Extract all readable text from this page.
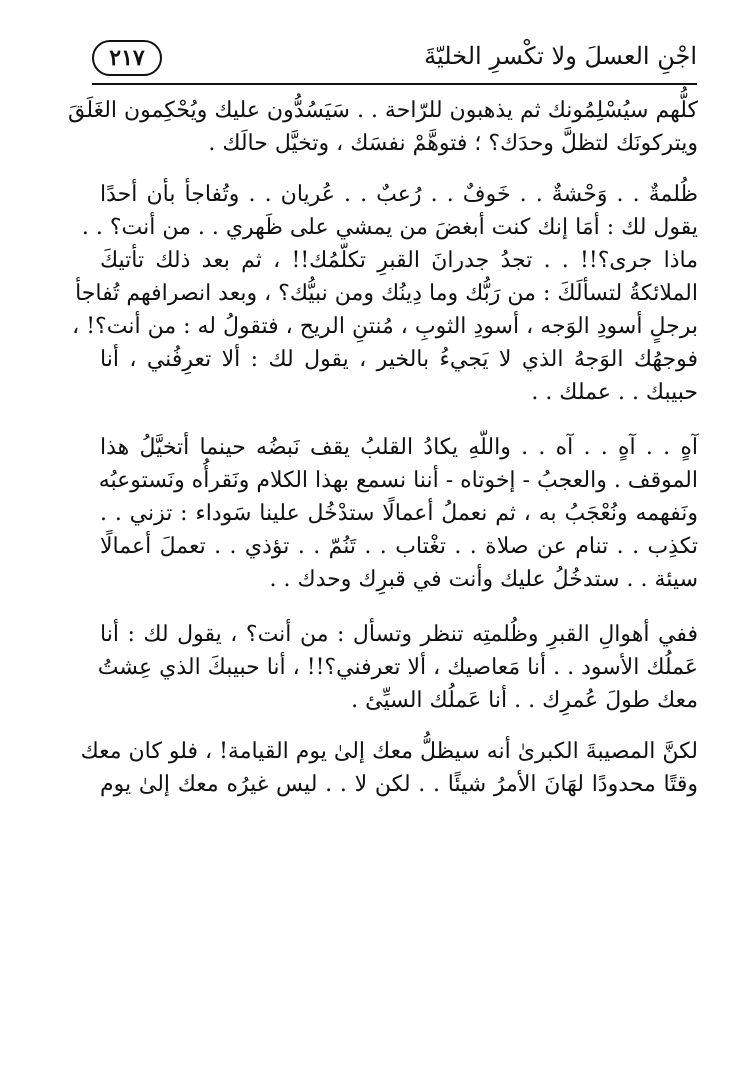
اجْنِ العسلَ ولا تكْسرِ الخليّةَ
٢١٧

كلُّهم سيُسْلِمُونك ثم يذهبون للرّاحة . . سَيَسُدُّون عليك ويُحْكِمون الغَلَقَ
ويتركونَك لتظلَّ وحدَك؟ ؛ فتوهَّمْ نفسَك ، وتخيَّل حالَك .

ظُلمةٌ . . وَحْشةٌ . . خَوفٌ . . رُعبٌ . . عُريان . . وتُفاجأ بأن أحدًا
يقول لك : أمَا إنك كنت أبغضَ من يمشي على ظَهري . . من أنت؟ . .
ماذا جرى؟!! . . تجدُ جدرانَ القبرِ تكلّمُك!! ، ثم بعد ذلك تأتيكَ
الملائكةُ لتسألَكَ : من رَبُّك وما دِينُك ومن نبيُّك؟ ، وبعد انصرافهم تُفاجأ
برجلٍ أسودِ الوَجه ، أسودِ الثوبِ ، مُنتنِ الريح ، فتقولُ له : من أنت؟! ،
فوجهُك الوَجهُ الذي لا يَجيءُ بالخير ، يقول لك : ألا تعرِفُني ، أنا
حبيبك . . عملك . .

آهٍ . . آهٍ . . آه . . واللّهِ يكادُ القلبُ يقف نَبضُه حينما أتخيَّلُ هذا
الموقف . والعجبُ - إخوتاه - أننا نسمع بهذا الكلام ونَقرأُه ونَستوعبُه
ونَفهمه ونُعْجَبُ به ، ثم نعملُ أعمالًا ستدْخُل علينا سَوداء : تزني . .
تكذِب . . تنام عن صلاة . . تغْتاب . . تَنُمّ . . تؤذي . . تعملَ أعمالًا
سيئة . . ستدخُلُ عليك وأنت في قبرِك وحدك . .

ففي أهوالِ القبرِ وظُلمتِه تنظر وتسأل : من أنت؟ ، يقول لك : أنا
عَملُك الأسود . . أنا مَعاصيك ، ألا تعرفني؟!! ، أنا حبيبكَ الذي عِشتُ
معك طولَ عُمرِك . . أنا عَملُك السيِّئ .

لكنَّ المصيبةَ الكبرىٰ أنه سيظلُّ معك إلىٰ يوم القيامة! ، فلو كان معك
وقتًا محدودًا لهَانَ الأمرُ شيئًا . . لكن لا . . ليس غيرُه معك إلىٰ يوم
